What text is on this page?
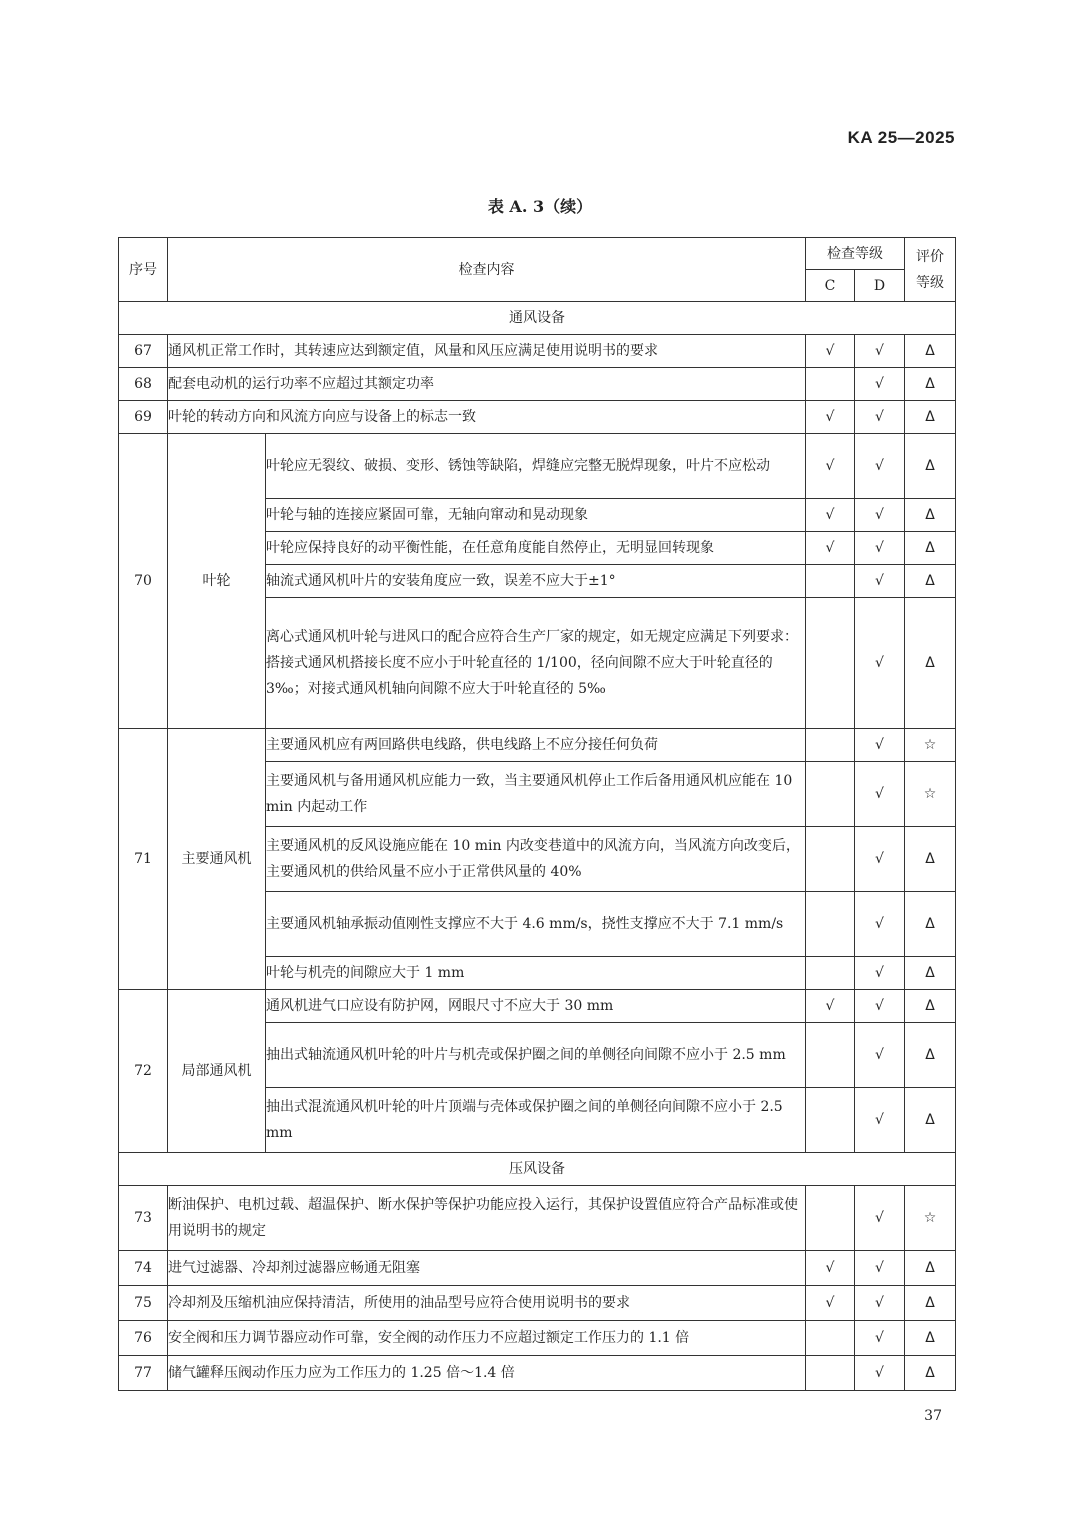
KA 25—2025
表 A. 3（续）
序号	检查内容		检查等级		评价
等级
			C	D	
通风设备					
67	通风机正常工作时，其转速应达到额定值，风量和风压应满足使用说明书的要求		√	√	Δ
68	配套电动机的运行功率不应超过其额定功率			√	Δ
69	叶轮的转动方向和风流方向应与设备上的标志一致		√	√	Δ
70	叶轮	叶轮应无裂纹、破损、变形、锈蚀等缺陷，焊缝应完整无脱焊现象，叶片不应松动	√	√	Δ
		叶轮与轴的连接应紧固可靠，无轴向窜动和晃动现象	√	√	Δ
		叶轮应保持良好的动平衡性能，在任意角度能自然停止，无明显回转现象	√	√	Δ
		轴流式通风机叶片的安装角度应一致，误差不应大于±1°		√	Δ
		离心式通风机叶轮与进风口的配合应符合生产厂家的规定，如无规定应满足下列要求：
搭接式通风机搭接长度不应小于叶轮直径的 1/100，径向间隙不应大于叶轮直径的 3‰；对接式通风机轴向间隙不应大于叶轮直径的 5‰		√	Δ
71	主要通风机	主要通风机应有两回路供电线路，供电线路上不应分接任何负荷		√	☆
		主要通风机与备用通风机应能力一致，当主要通风机停止工作后备用通风机应能在 10 min 内起动工作		√	☆
		主要通风机的反风设施应能在 10 min 内改变巷道中的风流方向，当风流方向改变后，主要通风机的供给风量不应小于正常供风量的 40%		√	Δ
		主要通风机轴承振动值刚性支撑应不大于 4.6 mm/s，挠性支撑应不大于 7.1 mm/s		√	Δ
		叶轮与机壳的间隙应大于 1 mm		√	Δ
72	局部通风机	通风机进气口应设有防护网，网眼尺寸不应大于 30 mm	√	√	Δ
		抽出式轴流通风机叶轮的叶片与机壳或保护圈之间的单侧径向间隙不应小于 2.5 mm		√	Δ
		抽出式混流通风机叶轮的叶片顶端与壳体或保护圈之间的单侧径向间隙不应小于 2.5 mm		√	Δ
压风设备					
73	断油保护、电机过载、超温保护、断水保护等保护功能应投入运行，其保护设置值应符合产品标准或使用说明书的规定			√	☆
74	进气过滤器、冷却剂过滤器应畅通无阻塞		√	√	Δ
75	冷却剂及压缩机油应保持清洁，所使用的油品型号应符合使用说明书的要求		√	√	Δ
76	安全阀和压力调节器应动作可靠，安全阀的动作压力不应超过额定工作压力的 1.1 倍			√	Δ
77	储气罐释压阀动作压力应为工作压力的 1.25 倍～1.4 倍			√	Δ
37
